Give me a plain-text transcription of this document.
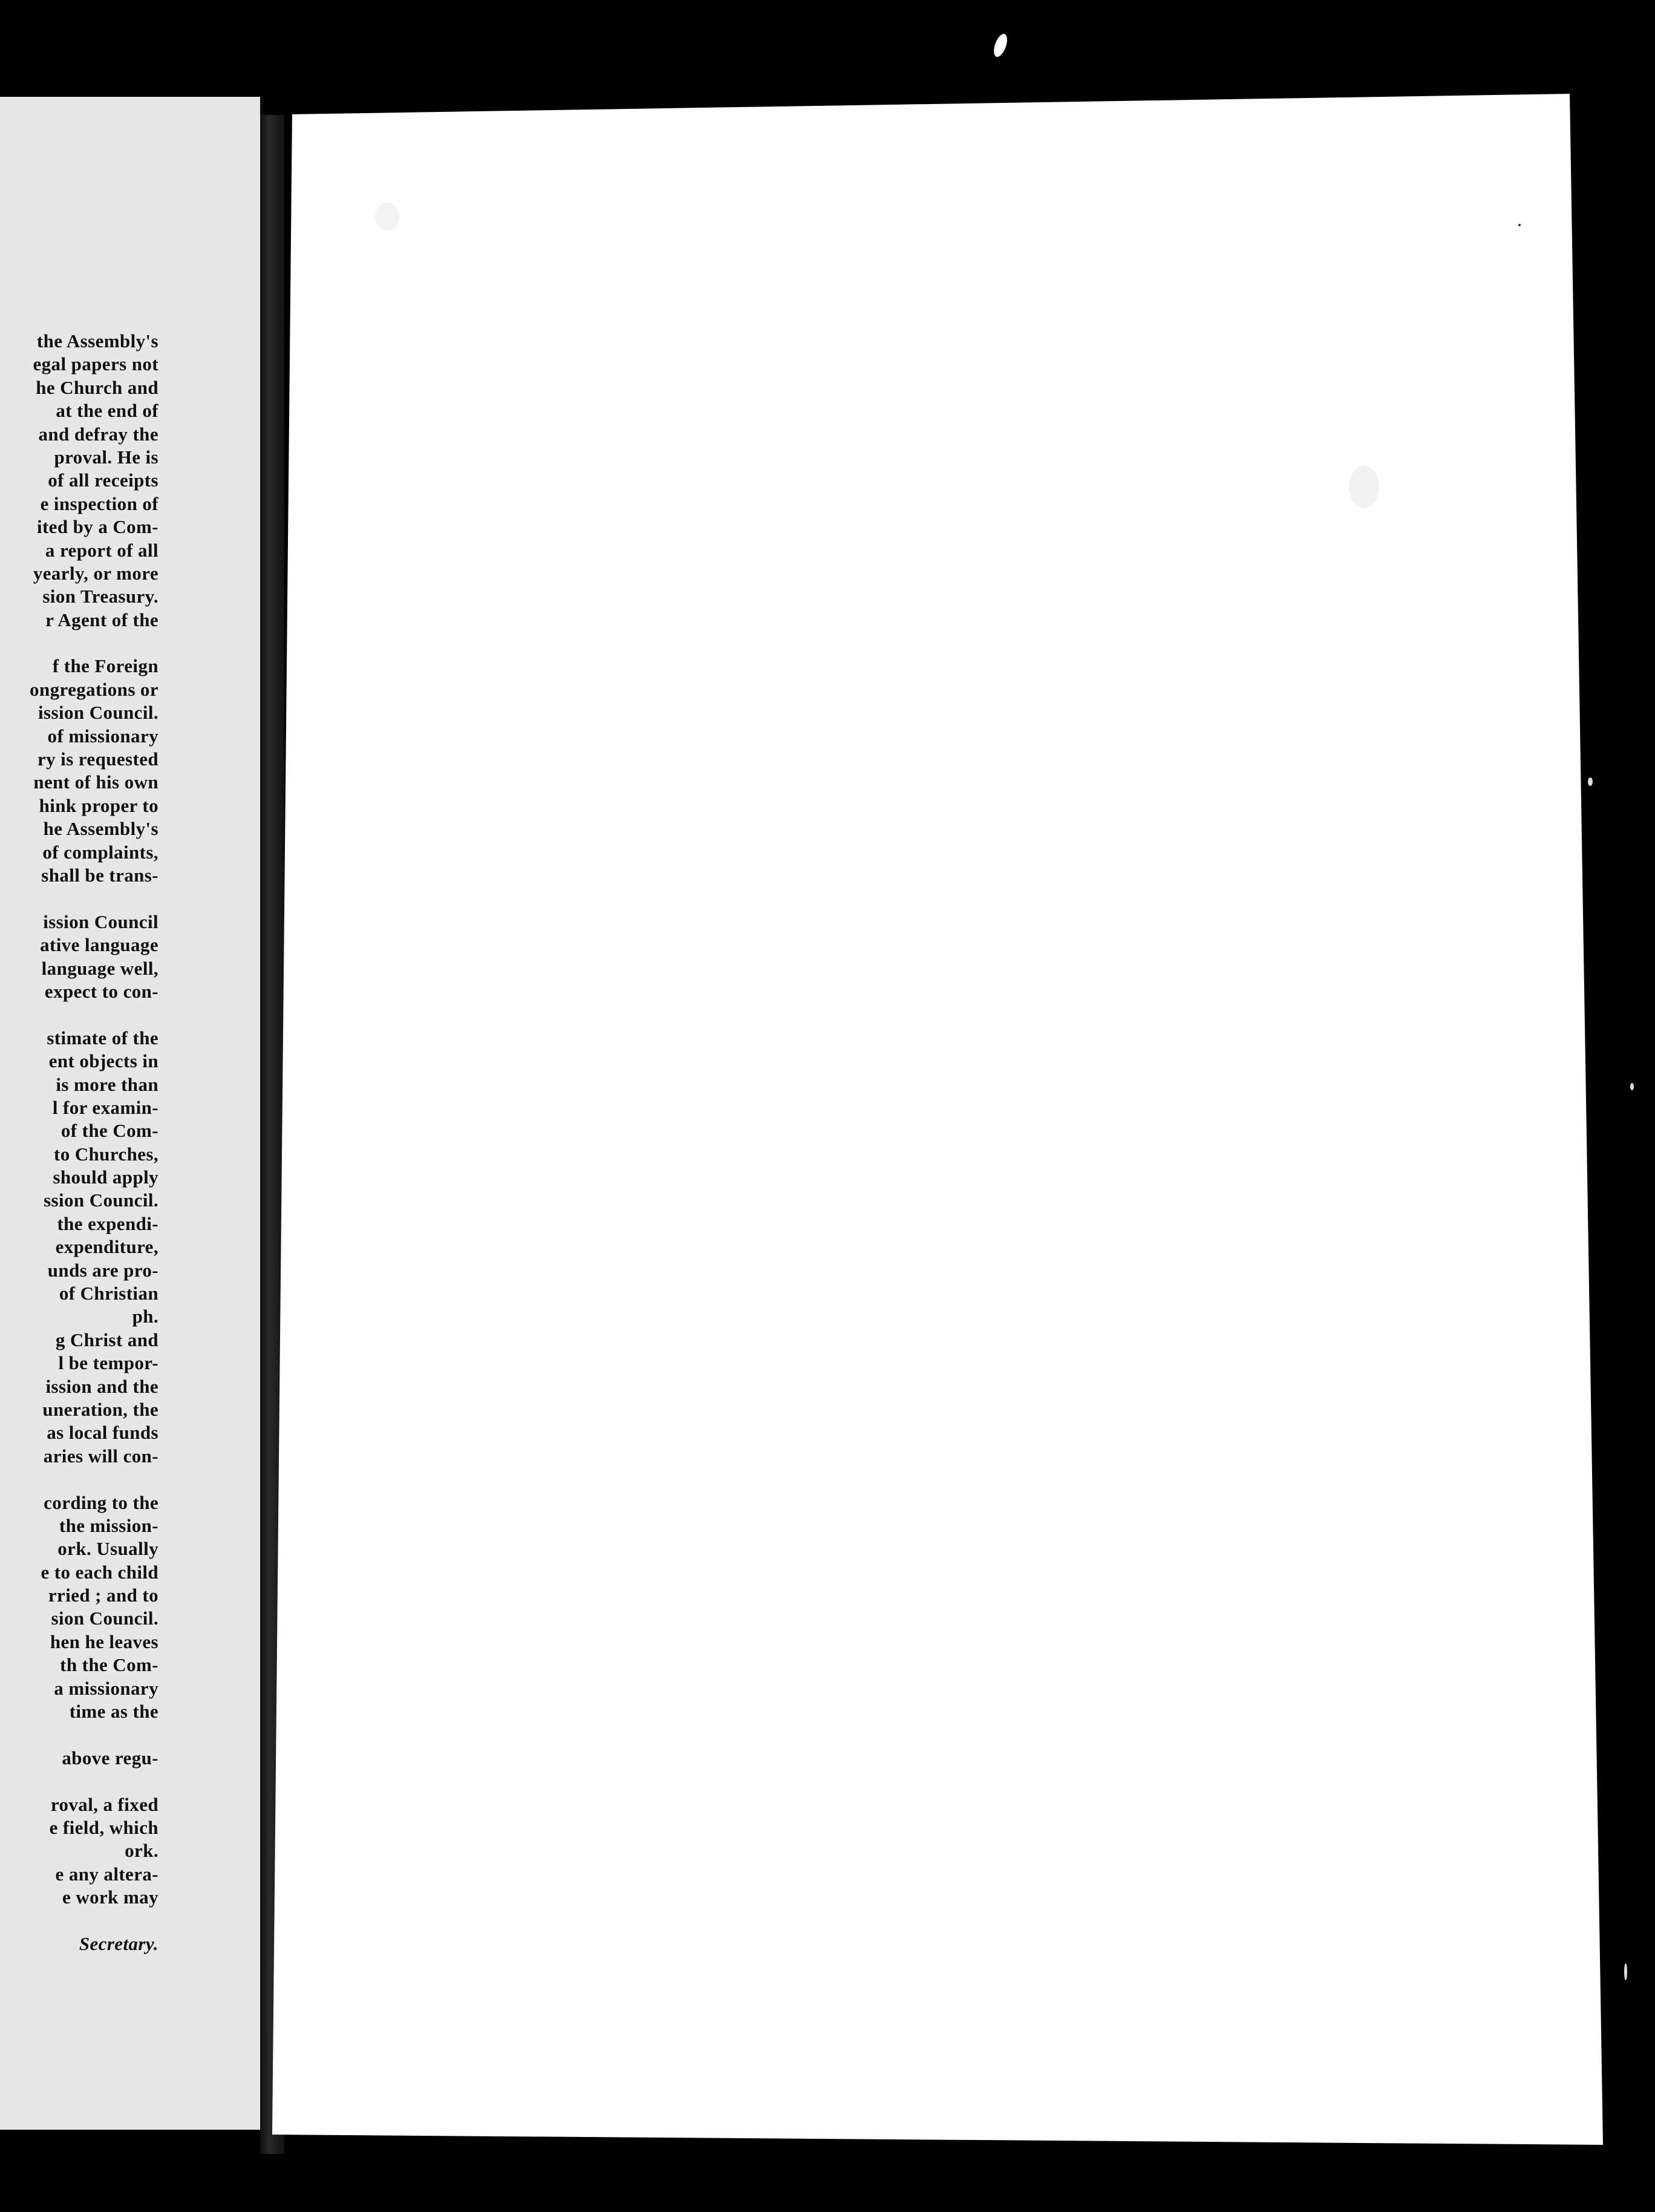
the Assembly's
egal papers not
he Church and
at the end of
and defray the
proval. He is
of all receipts
e inspection of
ited by a Com-
a report of all
yearly, or more
sion Treasury.
r Agent of the
f the Foreign
ongregations or
ission Council.
of missionary
ry is requested
nent of his own
hink proper to
he Assembly's
of complaints,
shall be trans-
ission Council
ative language
language well,
expect to con-
stimate of the
ent objects in
is more than
l for examin-
of the Com-
to Churches,
should apply
ssion Council.
the expendi-
expenditure,
unds are pro-
of Christian
ph.
g Christ and
l be tempor-
ission and the
uneration, the
as local funds
aries will con-
cording to the
the mission-
ork. Usually
e to each child
rried ; and to
sion Council.
hen he leaves
th the Com-
a missionary
time as the
above regu-
roval, a fixed
e field, which
ork.
e any altera-
e work may
Secretary.
